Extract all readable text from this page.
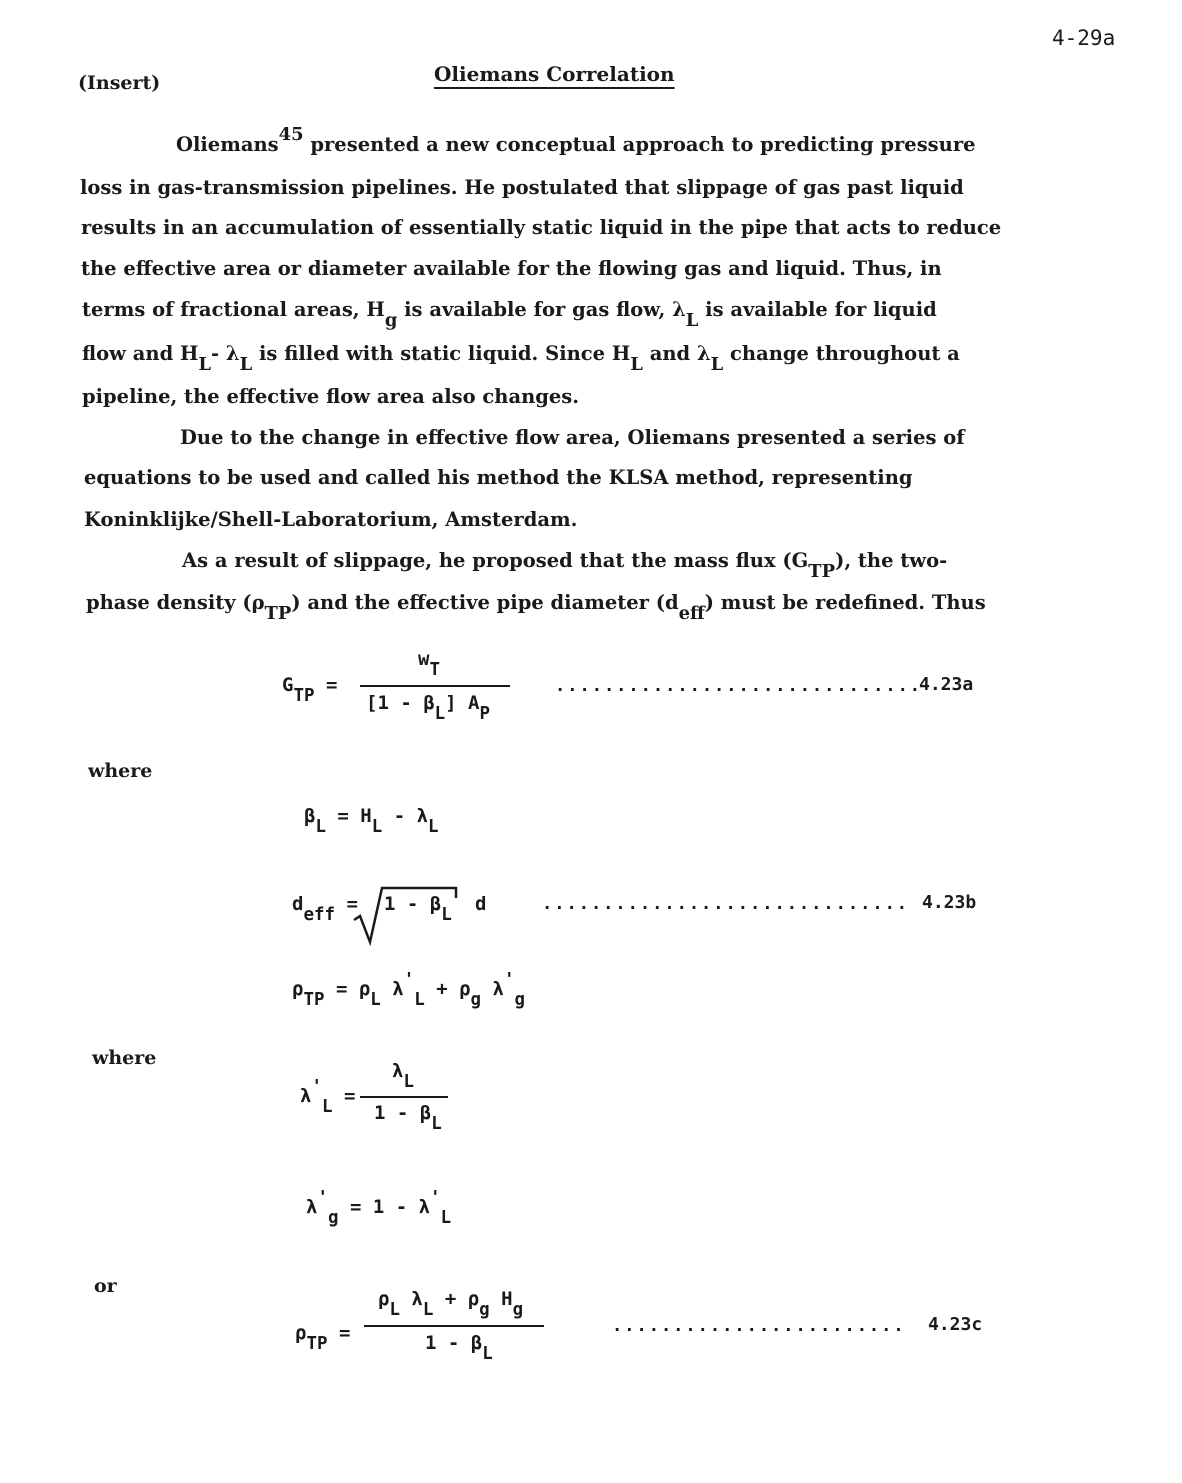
4-29a
(Insert)	Oliemans Correlation
Oliemans45 presented a new conceptual approach to predicting pressure
loss in gas-transmission pipelines. He postulated that slippage of gas past liquid
results in an accumulation of essentially static liquid in the pipe that acts to reduce
the effective area or diameter available for the flowing gas and liquid. Thus, in
terms of fractional areas, Hg is available for gas flow, λL is available for liquid
flow and HL- λL is filled with static liquid. Since HL and λL change throughout a
pipeline, the effective flow area also changes.
Due to the change in effective flow area, Oliemans presented a series of
equations to be used and called his method the KLSA method, representing
Koninklijke/Shell-Laboratorium, Amsterdam.
As a result of slippage, he proposed that the mass flux (GTP), the two-
phase density (ρTP) and the effective pipe diameter (deff) must be redefined. Thus
GTP =
wT
[1 - βL] AP
..............................
4.23a
where
βL = HL - λL
deff = 1 - βL d	.............................. 4.23b
ρTP = ρL λ'L + ρg λ'g
where
λ'L =
λL
1 - βL
λ'g = 1 - λ'L
or
ρTP =
ρL λL + ρg Hg
1 - βL
........................ 4.23c
